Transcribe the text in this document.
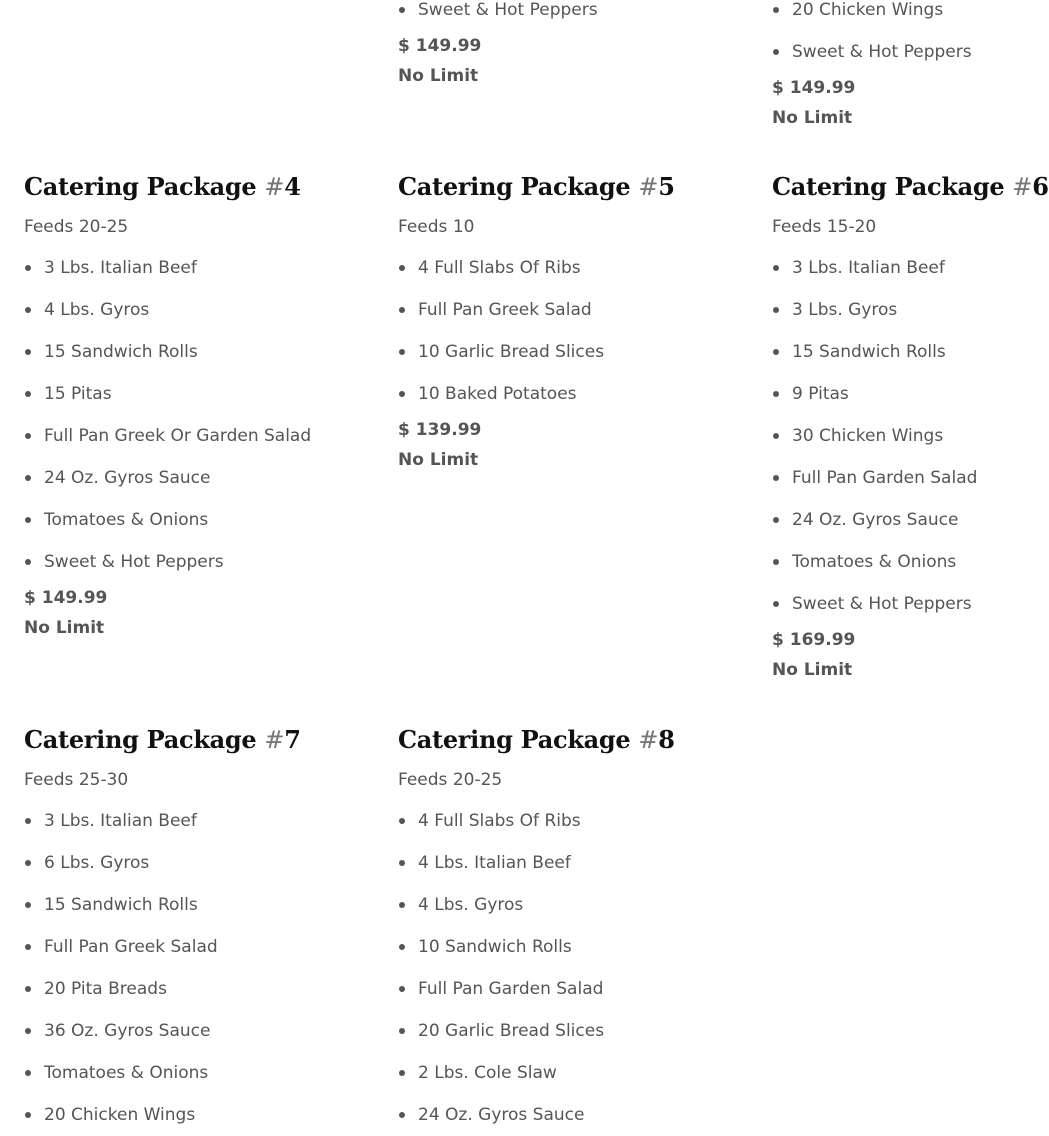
Sweet & Hot Peppers
$ 149.99
No Limit
20 Chicken Wings
Sweet & Hot Peppers
$ 149.99
No Limit
Catering Package #4
Feeds 20-25
3 Lbs. Italian Beef
4 Lbs. Gyros
15 Sandwich Rolls
15 Pitas
Full Pan Greek Or Garden Salad
24 Oz. Gyros Sauce
Tomatoes & Onions
Sweet & Hot Peppers
$ 149.99
No Limit
Catering Package #5
Feeds 10
4 Full Slabs Of Ribs
Full Pan Greek Salad
10 Garlic Bread Slices
10 Baked Potatoes
$ 139.99
No Limit
Catering Package #6
Feeds 15-20
3 Lbs. Italian Beef
3 Lbs. Gyros
15 Sandwich Rolls
9 Pitas
30 Chicken Wings
Full Pan Garden Salad
24 Oz. Gyros Sauce
Tomatoes & Onions
Sweet & Hot Peppers
$ 169.99
No Limit
Catering Package #7
Feeds 25-30
3 Lbs. Italian Beef
6 Lbs. Gyros
15 Sandwich Rolls
Full Pan Greek Salad
20 Pita Breads
36 Oz. Gyros Sauce
Tomatoes & Onions
20 Chicken Wings
Catering Package #8
Feeds 20-25
4 Full Slabs Of Ribs
4 Lbs. Italian Beef
4 Lbs. Gyros
10 Sandwich Rolls
Full Pan Garden Salad
20 Garlic Bread Slices
2 Lbs. Cole Slaw
24 Oz. Gyros Sauce
